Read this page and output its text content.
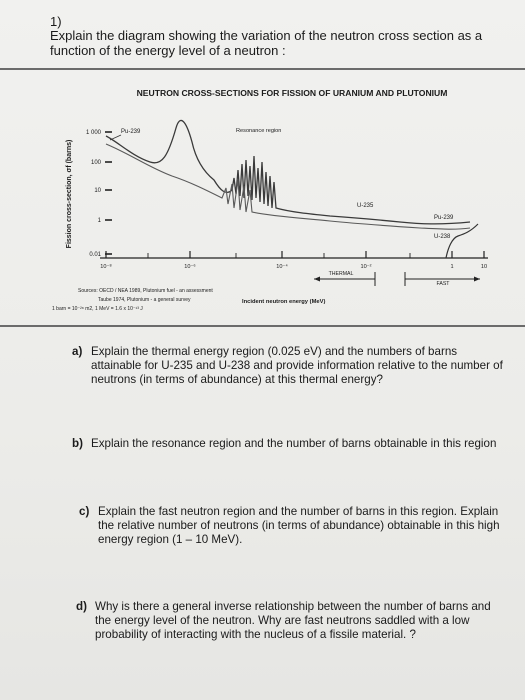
1)
Explain the diagram showing the variation of the neutron cross section as a function of the energy level of a neutron :
NEUTRON CROSS-SECTIONS FOR FISSION OF URANIUM AND PLUTONIUM
Fission cross-section, σf (barns)
1 000
100
10
1
0.01
10⁻⁸	10⁻⁶	10⁻⁴	10⁻²	1	10
Pu-239
U-235
Pu-239
U-238
Resonance region
THERMAL
FAST
Incident neutron energy (MeV)
Sources: OECD / NEA 1989, Plutonium fuel - an assessment
Taube 1974, Plutonium - a general survey
1 barn = 10⁻²⁸ m2, 1 MeV = 1.6 x 10⁻¹³ J
a) Explain the thermal energy region (0.025 eV) and the numbers of barns attainable for U-235 and U-238 and provide information relative to the number of neutrons (in terms of abundance) at this thermal energy?
b) Explain the resonance region and the number of barns obtainable in this region
c) Explain the fast neutron region and the number of barns in this region. Explain the relative number of neutrons (in terms of abundance) obtainable in this high energy region (1 – 10 MeV).
d) Why is there a general inverse relationship between the number of barns and the energy level of the neutron. Why are fast neutrons saddled with a low probability of interacting with the nucleus of a fissile material. ?
